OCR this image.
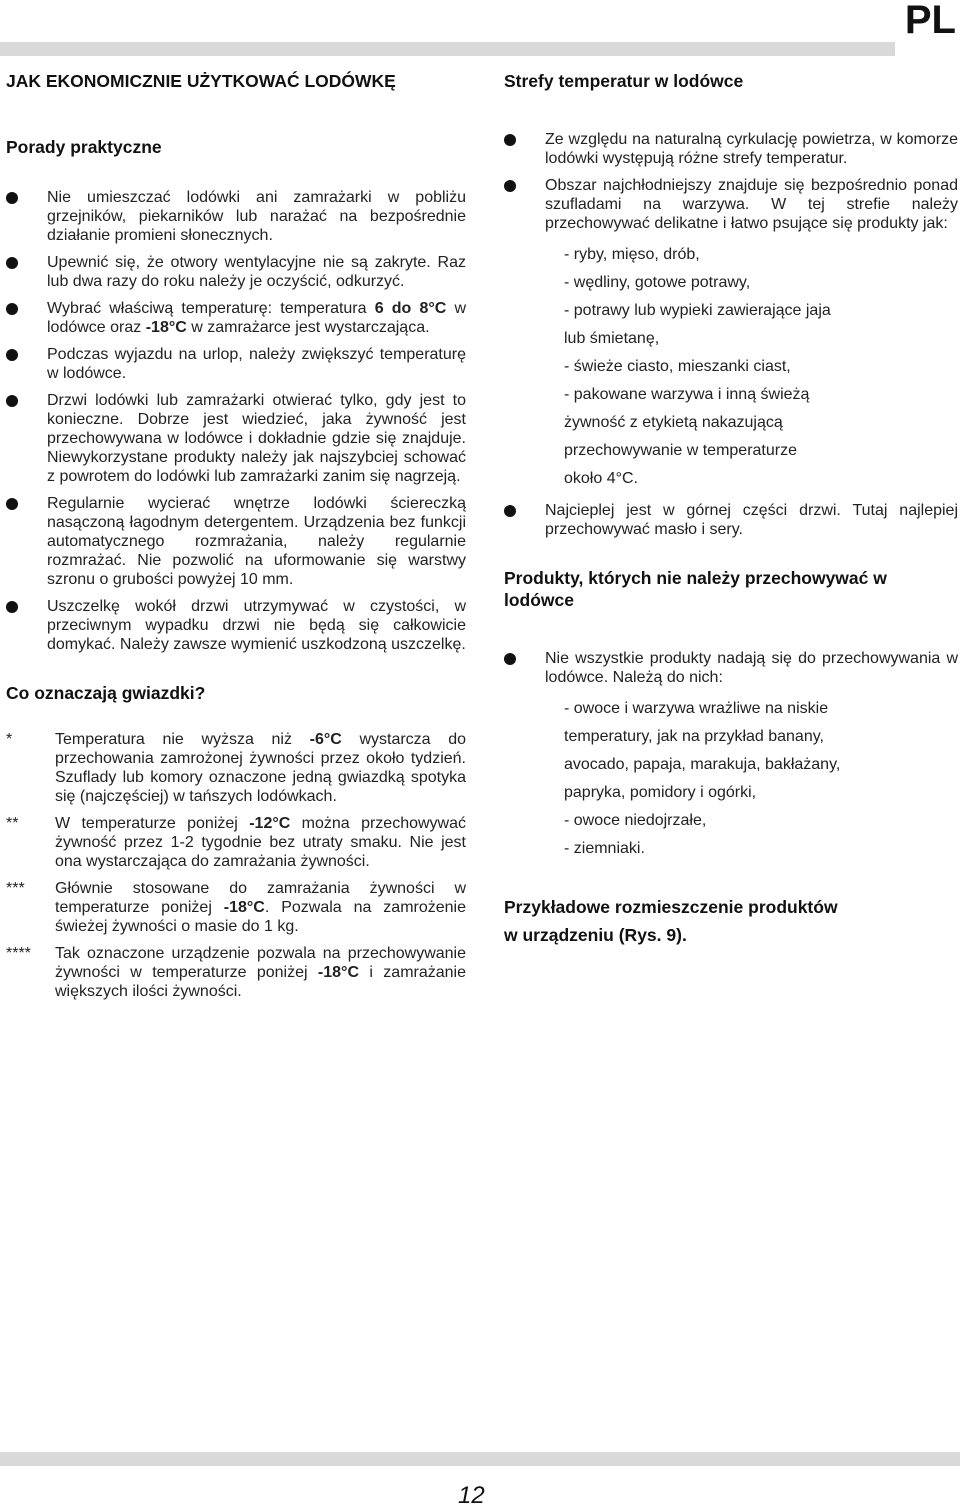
PL
JAK EKONOMICZNIE UŻYTKOWAĆ LODÓWKĘ
Porady praktyczne
Nie umieszczać lodówki ani zamrażarki w pobliżu grzejników, piekarników lub narażać na bezpośrednie działanie promieni słonecznych.
Upewnić się, że otwory wentylacyjne nie są zakryte. Raz lub dwa razy do roku należy je oczyścić, odkurzyć.
Wybrać właściwą temperaturę: temperatura 6 do 8°C w lodówce oraz -18°C w zamrażarce jest wystarczająca.
Podczas wyjazdu na urlop, należy zwiększyć temperaturę w lodówce.
Drzwi lodówki lub zamrażarki otwierać tylko, gdy jest to konieczne. Dobrze jest wiedzieć, jaka żywność jest przechowywana w lodówce i dokładnie gdzie się znajduje. Niewykorzystane produkty należy jak najszybciej schować z powrotem do lodówki lub zamrażarki zanim się nagrzeją.
Regularnie wycierać wnętrze lodówki ściereczką nasączoną łagodnym detergentem. Urządzenia bez funkcji automatycznego rozmrażania, należy regularnie rozmrażać. Nie pozwolić na uformowanie się warstwy szronu o grubości powyżej 10 mm.
Uszczelkę wokół drzwi utrzymywać w czystości, w przeciwnym wypadku drzwi nie będą się całkowicie domykać. Należy zawsze wymienić uszkodzoną uszczelkę.
Co oznaczają gwiazdki?
*	Temperatura nie wyższa niż -6°C wystarcza do przechowania zamrożonej żywności przez około tydzień. Szuflady lub komory oznaczone jedną gwiazdką spotyka się (najczęściej) w tańszych lodówkach.
** W temperaturze poniżej -12°C można przechowywać żywność przez 1-2 tygodnie bez utraty smaku. Nie jest ona wystarczająca do zamrażania żywności.
*** Głównie stosowane do zamrażania żywności w temperaturze poniżej -18°C. Pozwala na zamrożenie świeżej żywności o masie do 1 kg.
**** Tak oznaczone urządzenie pozwala na przechowywanie żywności w temperaturze poniżej -18°C i zamrażanie większych ilości żywności.
Strefy temperatur w lodówce
Ze względu na naturalną cyrkulację powietrza, w komorze lodówki występują różne strefy temperatur.
Obszar najchłodniejszy znajduje się bezpośrednio ponad szufladami na warzywa. W tej strefie należy przechowywać delikatne i łatwo psujące się produkty jak:
- ryby, mięso, drób,
- wędliny, gotowe potrawy,
- potrawy lub wypieki zawierające jaja
lub śmietanę,
- świeże ciasto, mieszanki ciast,
- pakowane warzywa i inną świeżą
żywność z etykietą nakazującą
przechowywanie w temperaturze
około 4°C.
Najcieplej jest w górnej części drzwi. Tutaj najlepiej przechowywać masło i sery.
Produkty, których nie należy przechowywać w lodówce
Nie wszystkie produkty nadają się do przechowywania w lodówce. Należą do nich:
- owoce i warzywa wrażliwe na niskie
temperatury, jak na przykład banany,
avocado, papaja, marakuja, bakłażany,
papryka, pomidory i ogórki,
- owoce niedojrzałe,
- ziemniaki.
Przykładowe rozmieszczenie produktów
w urządzeniu (Rys. 9).
12
